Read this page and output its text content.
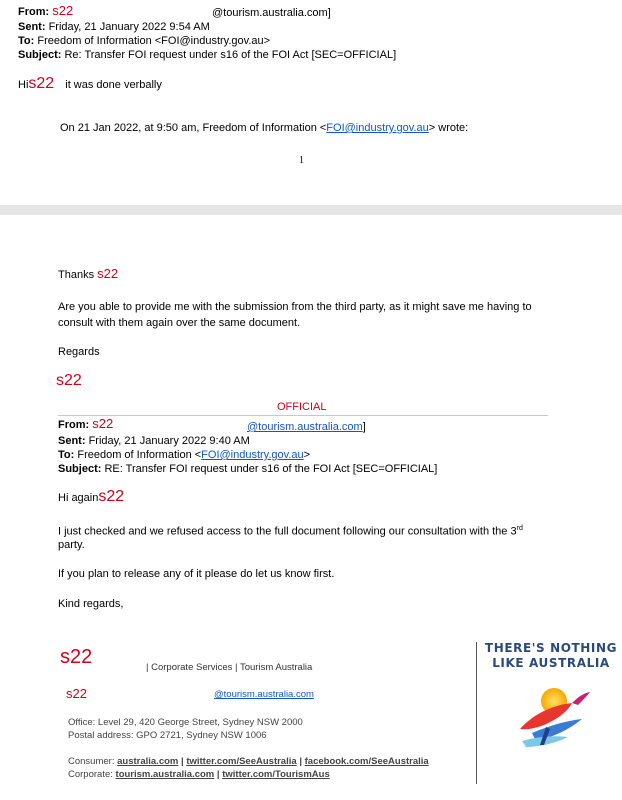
From: s22	@tourism.australia.com]
Sent: Friday, 21 January 2022 9:54 AM
To: Freedom of Information <FOI@industry.gov.au>
Subject: Re: Transfer FOI request under s16 of the FOI Act [SEC=OFFICIAL]
His22 it was done verbally
On 21 Jan 2022, at 9:50 am, Freedom of Information <FOI@industry.gov.au> wrote:
1
Thanks s22
Are you able to provide me with the submission from the third party, as it might save me having to
consult with them again over the same document.
Regards
s22
OFFICIAL
From: s22	@tourism.australia.com]
Sent: Friday, 21 January 2022 9:40 AM
To: Freedom of Information <FOI@industry.gov.au>
Subject: RE: Transfer FOI request under s16 of the FOI Act [SEC=OFFICIAL]
Hi agains22
I just checked and we refused access to the full document following our consultation with the 3rd
party.
If you plan to release any of it please do let us know first.
Kind regards,
s22	| Corporate Services | Tourism Australia
s22	@tourism.australia.com
Office: Level 29, 420 George Street, Sydney NSW 2000
Postal address: GPO 2721, Sydney NSW 1006
Consumer: australia.com | twitter.com/SeeAustralia | facebook.com/SeeAustralia
Corporate: tourism.australia.com | twitter.com/TourismAus
THERE'S NOTHING
LIKE AUSTRALIA
